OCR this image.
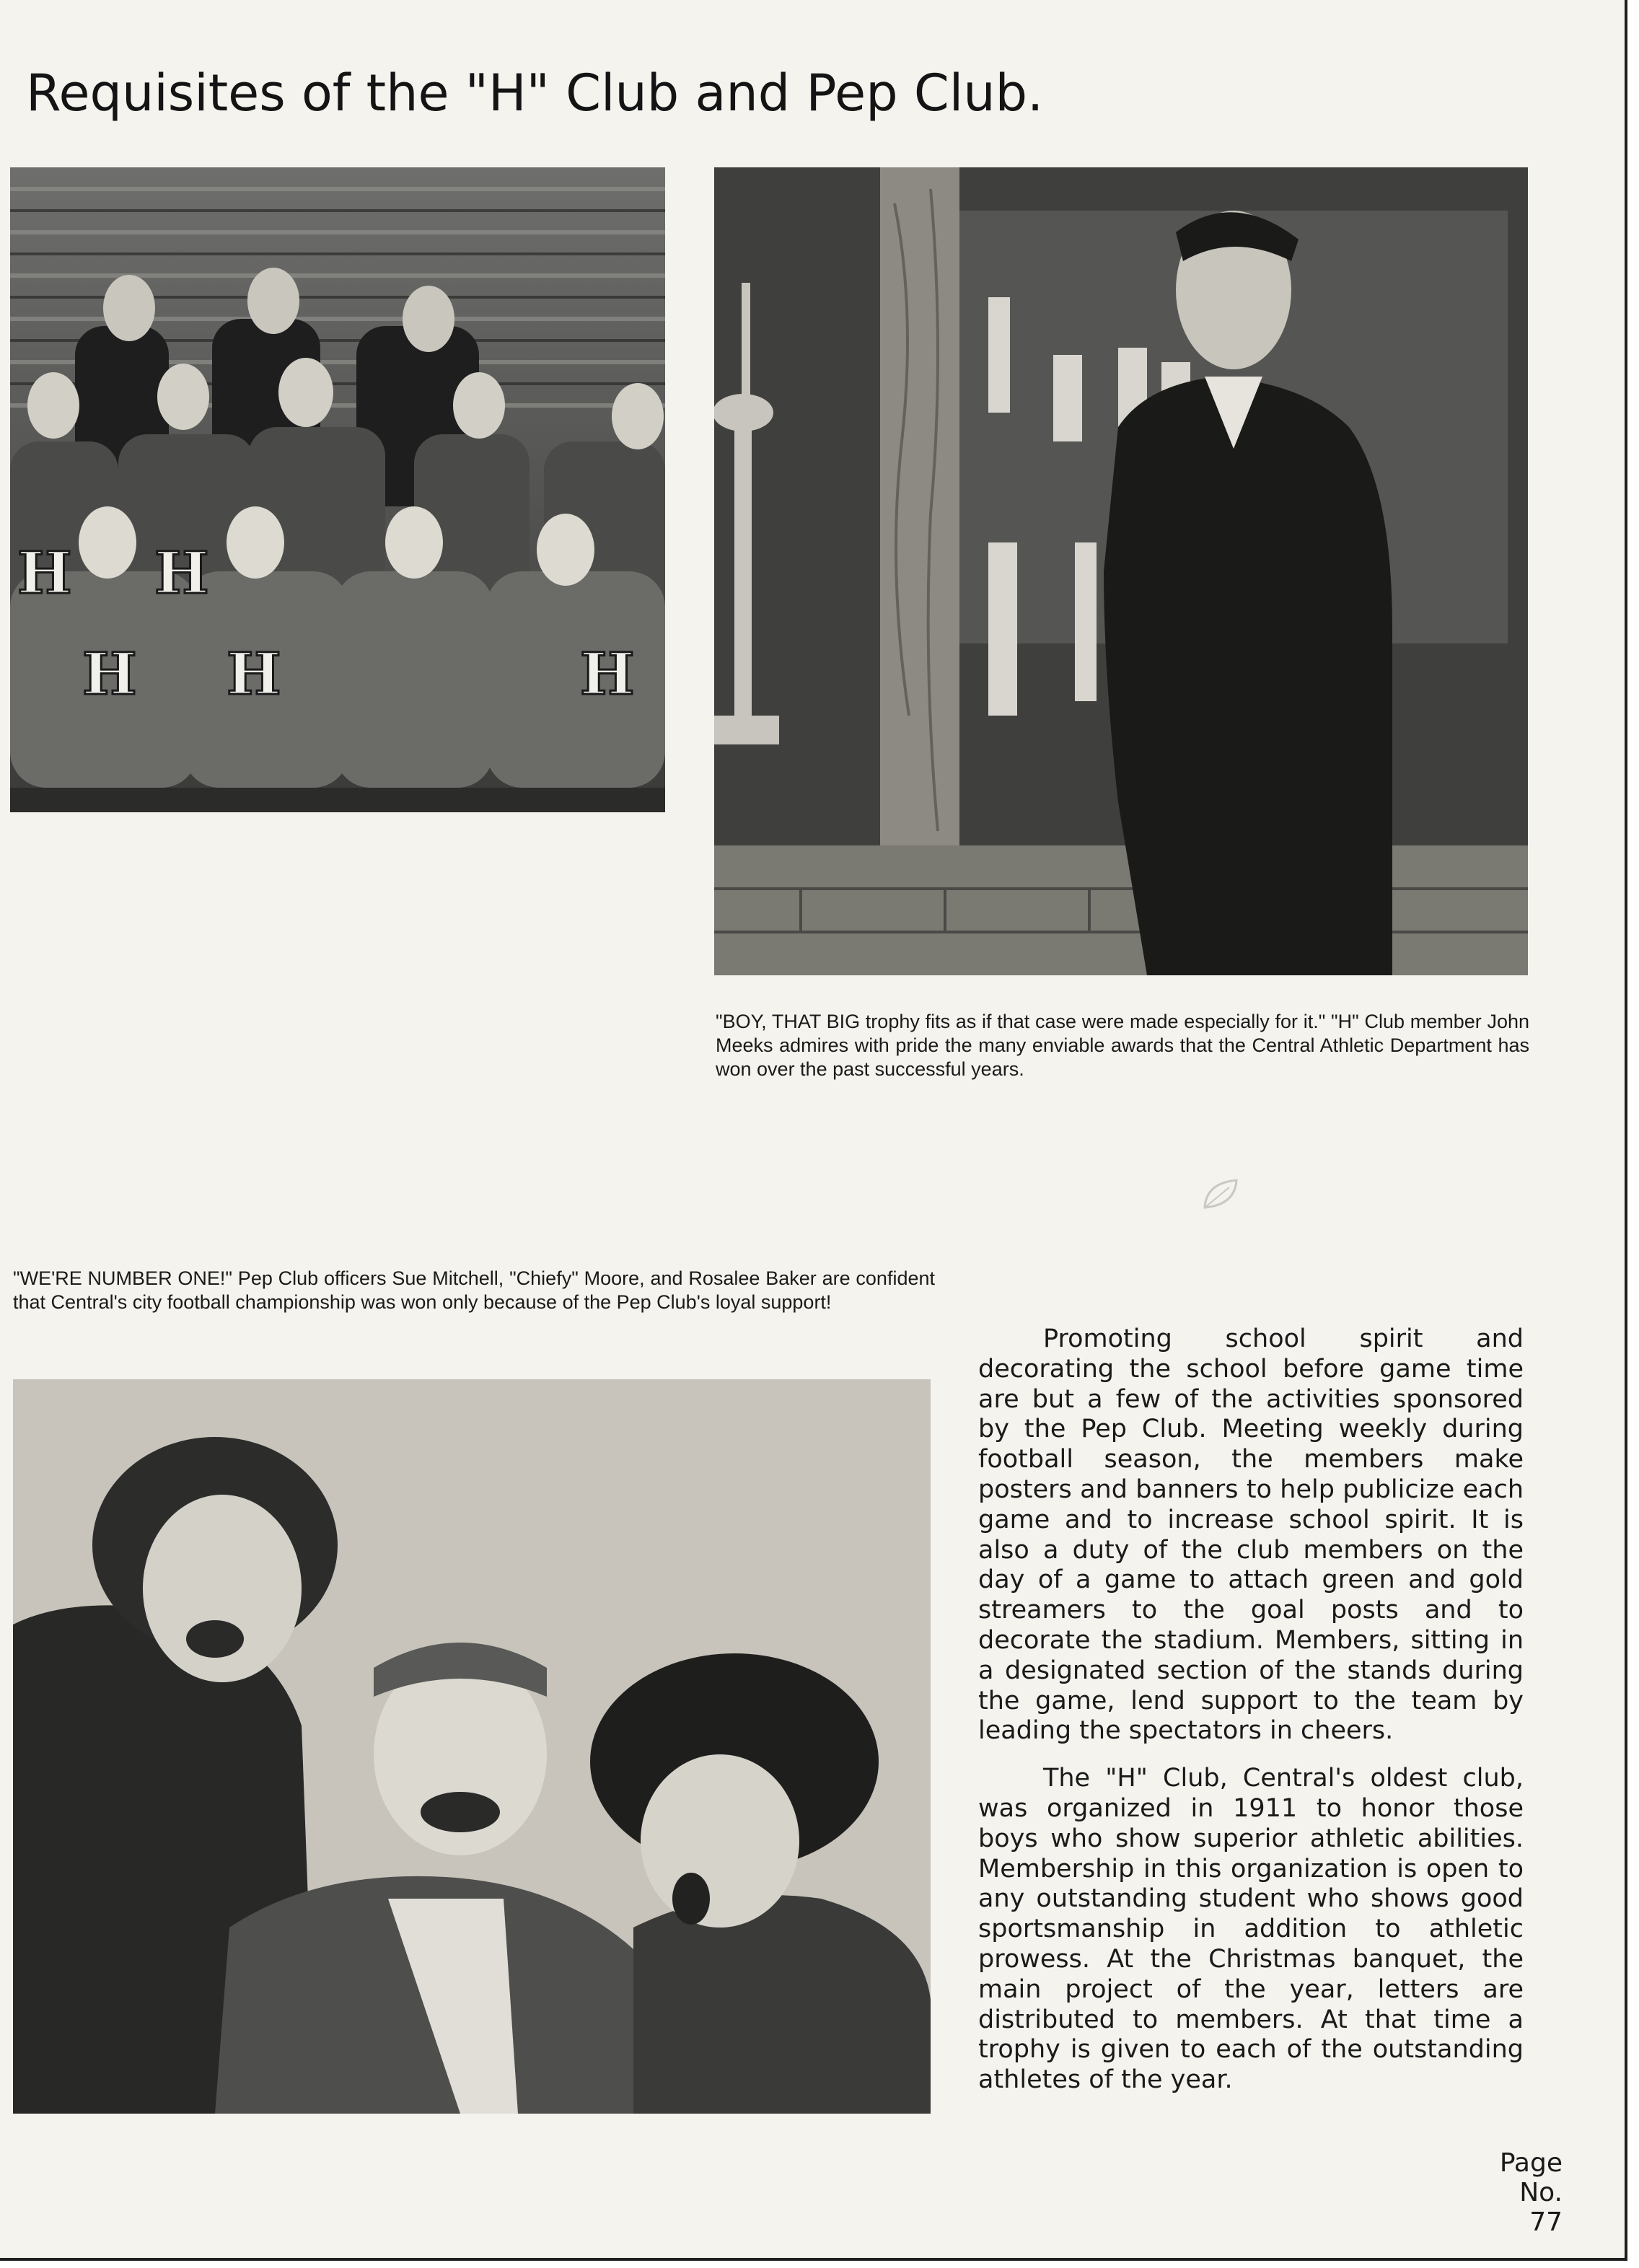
Requisites of the "H" Club and Pep Club.
H H	H
H H

"BOY, THAT BIG trophy fits as if that case were made especially for it." "H" Club member John Meeks admires with pride the many enviable awards that the Central Athletic Department has won over the past successful years.

"WE'RE NUMBER ONE!" Pep Club officers Sue Mitchell, "Chiefy" Moore, and Rosalee Baker are confident that Central's city football championship was won only because of the Pep Club's loyal support!

Promoting school spirit and decorating the school before game time are but a few of the activities sponsored by the Pep Club. Meeting weekly during football season, the members make posters and banners to help publicize each game and to increase school spirit. It is also a duty of the club members on the day of a game to attach green and gold streamers to the goal posts and to decorate the stadium. Members, sitting in a designated section of the stands during the game, lend support to the team by leading the spectators in cheers.

The "H" Club, Central's oldest club, was organized in 1911 to honor those boys who show superior athletic abilities. Membership in this organization is open to any outstanding student who shows good sportsmanship in addition to athletic prowess. At the Christmas banquet, the main project of the year, letters are distributed to members. At that time a trophy is given to each of the outstanding athletes of the year.

Page
No.
77
